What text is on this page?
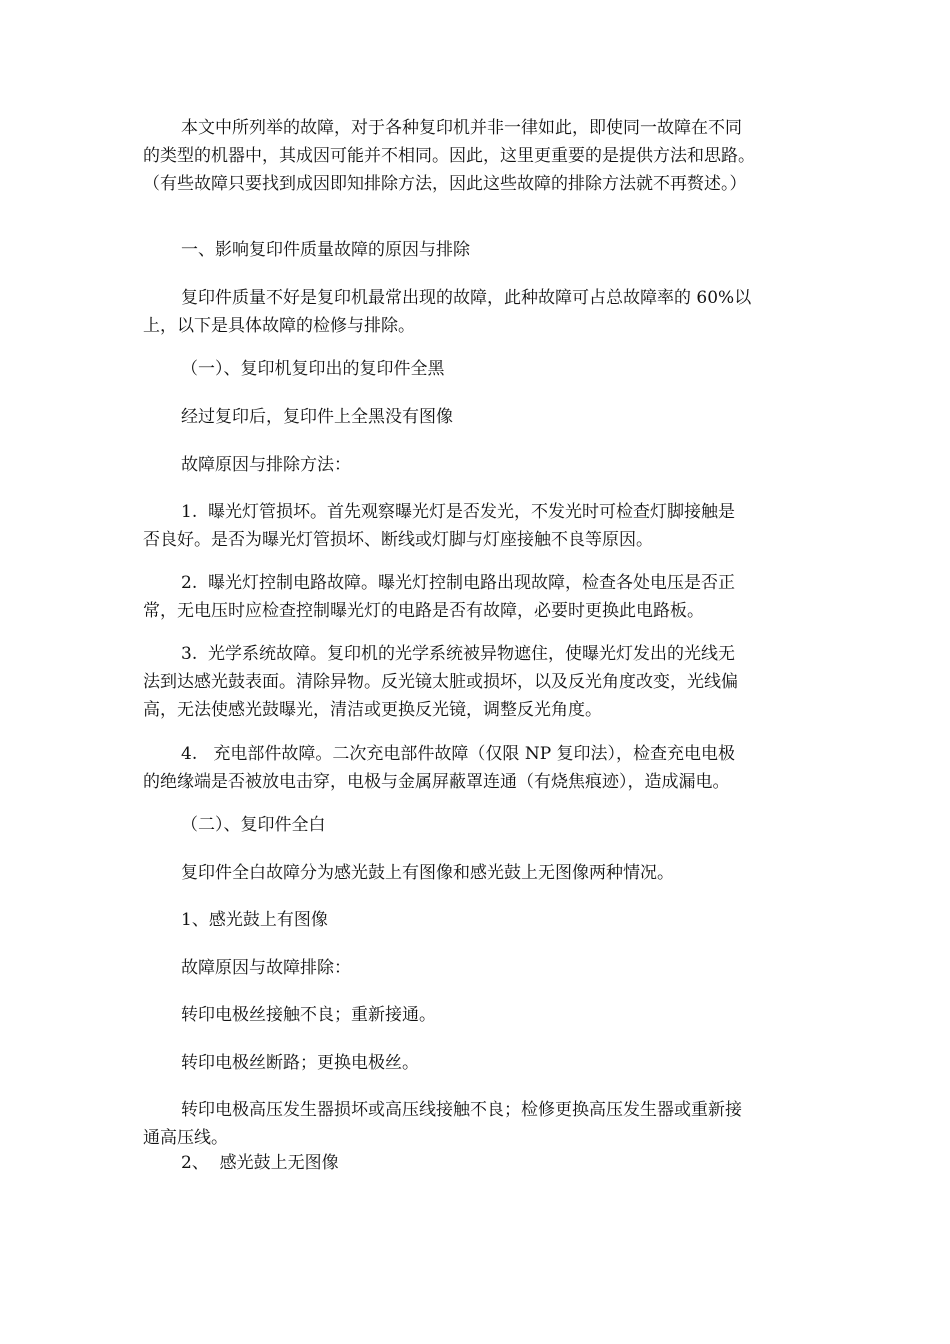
本文中所列举的故障，对于各种复印机并非一律如此，即使同一故障在不同
的类型的机器中，其成因可能并不相同。因此，这里更重要的是提供方法和思路。
（有些故障只要找到成因即知排除方法，因此这些故障的排除方法就不再赘述。）
一、影响复印件质量故障的原因与排除
复印件质量不好是复印机最常出现的故障，此种故障可占总故障率的 60%以
上，以下是具体故障的检修与排除。
（一）、复印机复印出的复印件全黑
经过复印后，复印件上全黑没有图像
故障原因与排除方法：
1.  曝光灯管损坏。首先观察曝光灯是否发光，不发光时可检查灯脚接触是
否良好。是否为曝光灯管损坏、断线或灯脚与灯座接触不良等原因。
2.  曝光灯控制电路故障。曝光灯控制电路出现故障，检查各处电压是否正
常，无电压时应检查控制曝光灯的电路是否有故障，必要时更换此电路板。
3.  光学系统故障。复印机的光学系统被异物遮住，使曝光灯发出的光线无
法到达感光鼓表面。清除异物。反光镜太脏或损坏，以及反光角度改变，光线偏
高，无法使感光鼓曝光，清洁或更换反光镜，调整反光角度。
4.   充电部件故障。二次充电部件故障（仅限 NP 复印法），检查充电电极
的绝缘端是否被放电击穿，电极与金属屏蔽罩连通（有烧焦痕迹），造成漏电。
（二）、复印件全白
复印件全白故障分为感光鼓上有图像和感光鼓上无图像两种情况。
1、感光鼓上有图像
故障原因与故障排除：
转印电极丝接触不良；重新接通。
转印电极丝断路；更换电极丝。
转印电极高压发生器损坏或高压线接触不良；检修更换高压发生器或重新接
通高压线。
2、  感光鼓上无图像
